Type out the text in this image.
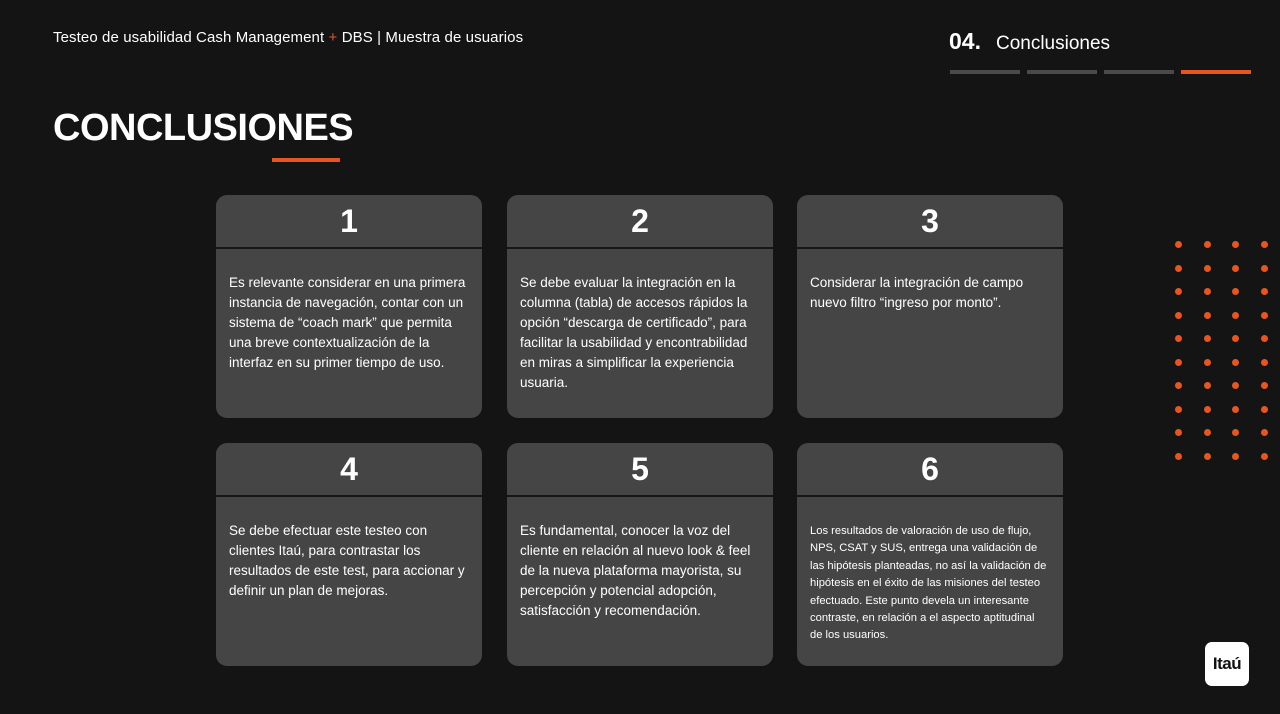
Testeo de usabilidad Cash Management + DBS | Muestra de usuarios	04. Conclusiones
CONCLUSIONES
1
Es relevante considerar en una primera instancia de navegación, contar con un sistema de “coach mark” que permita una breve contextualización de la interfaz en su primer tiempo de uso.
2
Se debe evaluar la integración en la columna (tabla) de accesos rápidos la opción “descarga de certificado”, para facilitar la usabilidad y encontrabilidad en miras a simplificar la experiencia usuaria.
3
Considerar la integración de campo nuevo filtro “ingreso por monto”.
4
Se debe efectuar este testeo con clientes Itaú, para contrastar los resultados de este test, para accionar y definir un plan de mejoras.
5
Es fundamental, conocer la voz del cliente en relación al nuevo look & feel de la nueva plataforma mayorista, su percepción y potencial adopción, satisfacción y recomendación.
6
Los resultados de valoración de uso de flujo, NPS, CSAT y SUS, entrega una validación de las hipótesis planteadas, no así la validación de hipótesis en el éxito de las misiones del testeo efectuado. Este punto devela un interesante contraste, en relación a el aspecto aptitudinal de los usuarios.
Itaú
